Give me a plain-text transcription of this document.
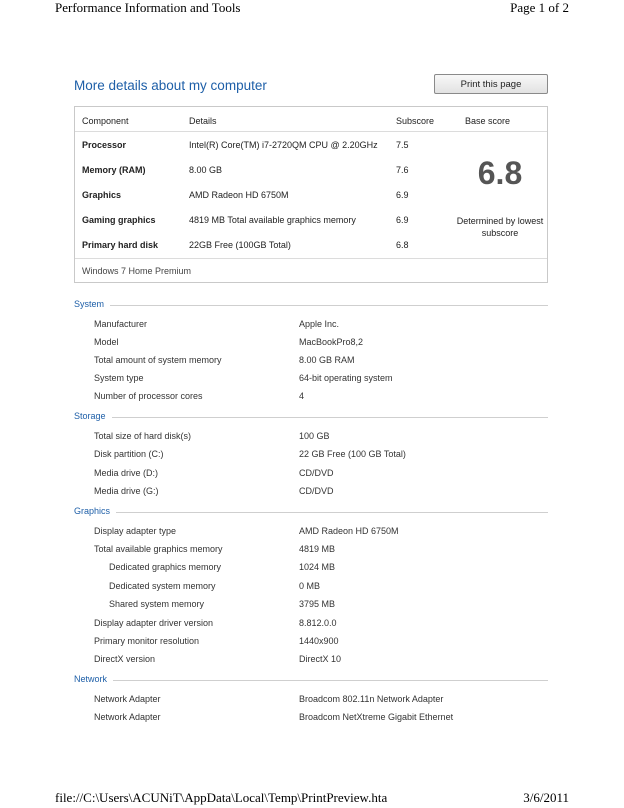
Performance Information and Tools	Page 1 of 2
file://C:\Users\ACUNiT\AppData\Local\Temp\PrintPreview.hta	3/6/2011
More details about my computer	Print this page
Component	Details	Subscore	Base score
Processor	Intel(R) Core(TM) i7-2720QM CPU @ 2.20GHz 7.5
Memory (RAM)	8.00 GB	7.6
Graphics	AMD Radeon HD 6750M	6.9
Gaming graphics	4819 MB Total available graphics memory	6.9
Primary hard disk	22GB Free (100GB Total)	6.8
6.8
Determined by lowest subscore
Windows 7 Home Premium
System
Manufacturer	Apple Inc.
Model	MacBookPro8,2
Total amount of system memory	8.00 GB RAM
System type	64-bit operating system
Number of processor cores	4
Storage
Total size of hard disk(s)	100 GB
Disk partition (C:)	22 GB Free (100 GB Total)
Media drive (D:)	CD/DVD
Media drive (G:)	CD/DVD
Graphics
Display adapter type	AMD Radeon HD 6750M
Total available graphics memory	4819 MB
Dedicated graphics memory	1024 MB
Dedicated system memory	0 MB
Shared system memory	3795 MB
Display adapter driver version	8.812.0.0
Primary monitor resolution	1440x900
DirectX version	DirectX 10
Network
Network Adapter	Broadcom 802.11n Network Adapter
Network Adapter	Broadcom NetXtreme Gigabit Ethernet
